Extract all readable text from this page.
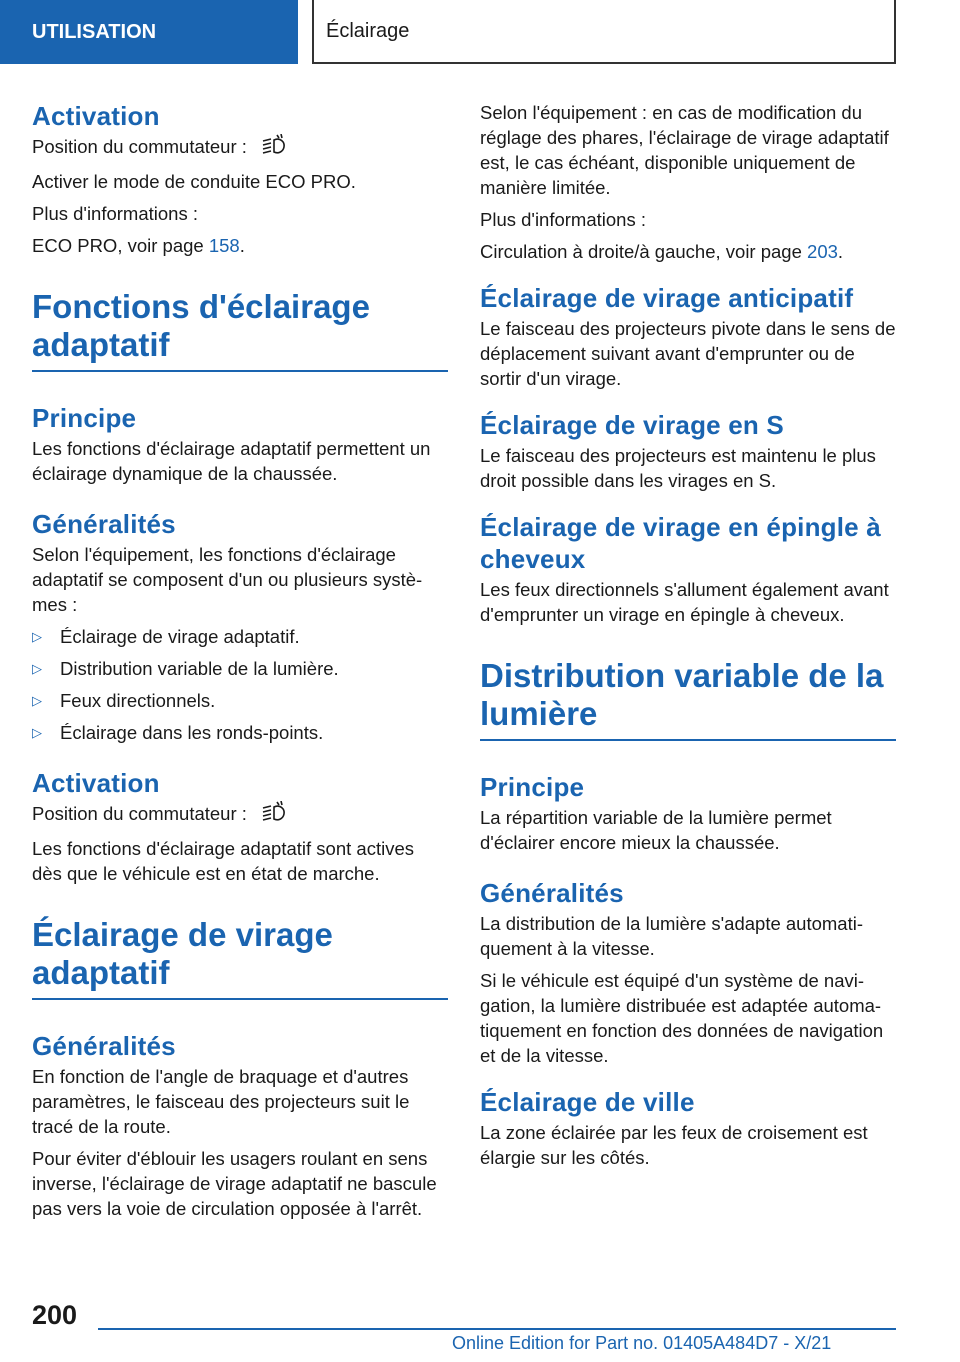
UTILISATION	Éclairage
Activation

Position du commutateur :

Activer le mode de conduite ECO PRO.

Plus d'informations :

ECO PRO, voir page 158.

Fonctions d'éclairage adaptatif
Principe

Les fonctions d'éclairage adaptatif permettent un éclairage dynamique de la chaussée.

Généralités

Selon l'équipement, les fonctions d'éclairage adaptatif se composent d'un ou plusieurs systèmes :

▷ Éclairage de virage adaptatif.
▷ Distribution variable de la lumière.
▷ Feux directionnels.
▷ Éclairage dans les ronds-points.
Activation

Position du commutateur :

Les fonctions d'éclairage adaptatif sont actives dès que le véhicule est en état de marche.

Éclairage de virage adaptatif
Généralités

En fonction de l'angle de braquage et d'autres paramètres, le faisceau des projecteurs suit le tracé de la route.

Pour éviter d'éblouir les usagers roulant en sens inverse, l'éclairage de virage adaptatif ne bascule pas vers la voie de circulation opposée à l'arrêt.

Selon l'équipement : en cas de modification du réglage des phares, l'éclairage de virage adaptatif est, le cas échéant, disponible uniquement de manière limitée.

Plus d'informations :

Circulation à droite/à gauche, voir page 203.

Éclairage de virage anticipatif

Le faisceau des projecteurs pivote dans le sens de déplacement suivant avant d'emprunter ou de sortir d'un virage.

Éclairage de virage en S

Le faisceau des projecteurs est maintenu le plus droit possible dans les virages en S.

Éclairage de virage en épingle à cheveux

Les feux directionnels s'allument également avant d'emprunter un virage en épingle à cheveux.

Distribution variable de la lumière
Principe

La répartition variable de la lumière permet d'éclairer encore mieux la chaussée.

Généralités

La distribution de la lumière s'adapte automatiquement à la vitesse.

Si le véhicule est équipé d'un système de navigation, la lumière distribuée est adaptée automatiquement en fonction des données de navigation et de la vitesse.

Éclairage de ville

La zone éclairée par les feux de croisement est élargie sur les côtés.

200
Online Edition for Part no. 01405A484D7 - X/21
